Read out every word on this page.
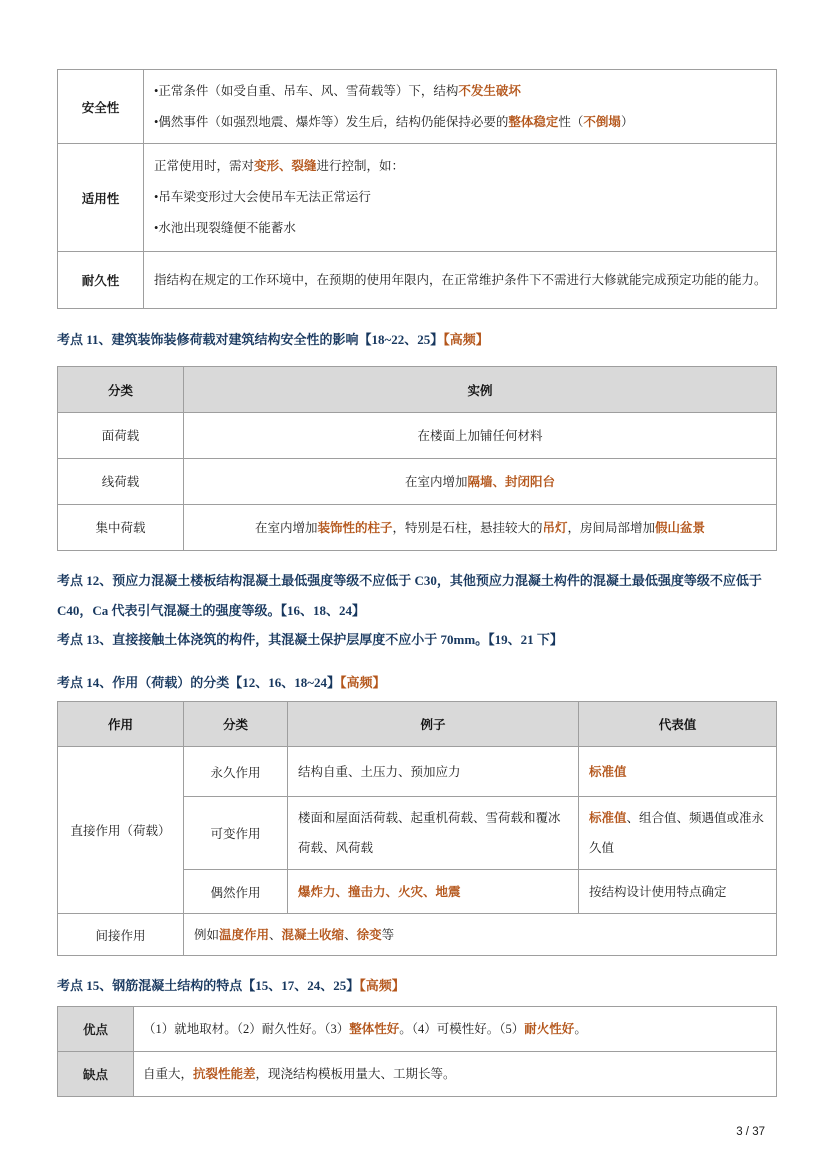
安全性	•正常条件（如受自重、吊车、风、雪荷载等）下，结构不发生破坏
•偶然事件（如强烈地震、爆炸等）发生后，结构仍能保持必要的整体稳定性（不倒塌）

适用性	正常使用时，需对变形、裂缝进行控制，如：
•吊车梁变形过大会使吊车无法正常运行
•水池出现裂缝便不能蓄水

耐久性	指结构在规定的工作环境中，在预期的使用年限内，在正常维护条件下不需进行大修就能完成预定功能的能力。
考点 11、建筑装饰装修荷载对建筑结构安全性的影响【18~22、25】【高频】
分类	实例
面荷载	在楼面上加铺任何材料
线荷载	在室内增加隔墙、封闭阳台
集中荷载	在室内增加装饰性的柱子，特别是石柱，悬挂较大的吊灯，房间局部增加假山盆景

考点 12、预应力混凝土楼板结构混凝土最低强度等级不应低于 C30，其他预应力混凝土构件的混凝土最低强度等级不应低于 C40，Ca 代表引气混凝土的强度等级。【16、18、24】

考点 13、直接接触土体浇筑的构件，其混凝土保护层厚度不应小于 70mm。【19、21 下】

考点 14、作用（荷载）的分类【12、16、18~24】【高频】
作用	分类	例子	代表值
直接作用（荷载）	永久作用	结构自重、土压力、预加应力	标准值
	可变作用	楼面和屋面活荷载、起重机荷载、雪荷载和覆冰荷载、风荷载	标准值、组合值、频遇值或准永久值
	偶然作用	爆炸力、撞击力、火灾、地震	按结构设计使用特点确定
间接作用	例如温度作用、混凝土收缩、徐变等		
考点 15、钢筋混凝土结构的特点【15、17、24、25】【高频】
优点	（1）就地取材。（2）耐久性好。（3）整体性好。（4）可模性好。（5）耐火性好。
缺点	自重大，抗裂性能差，现浇结构模板用量大、工期长等。
3 / 37
